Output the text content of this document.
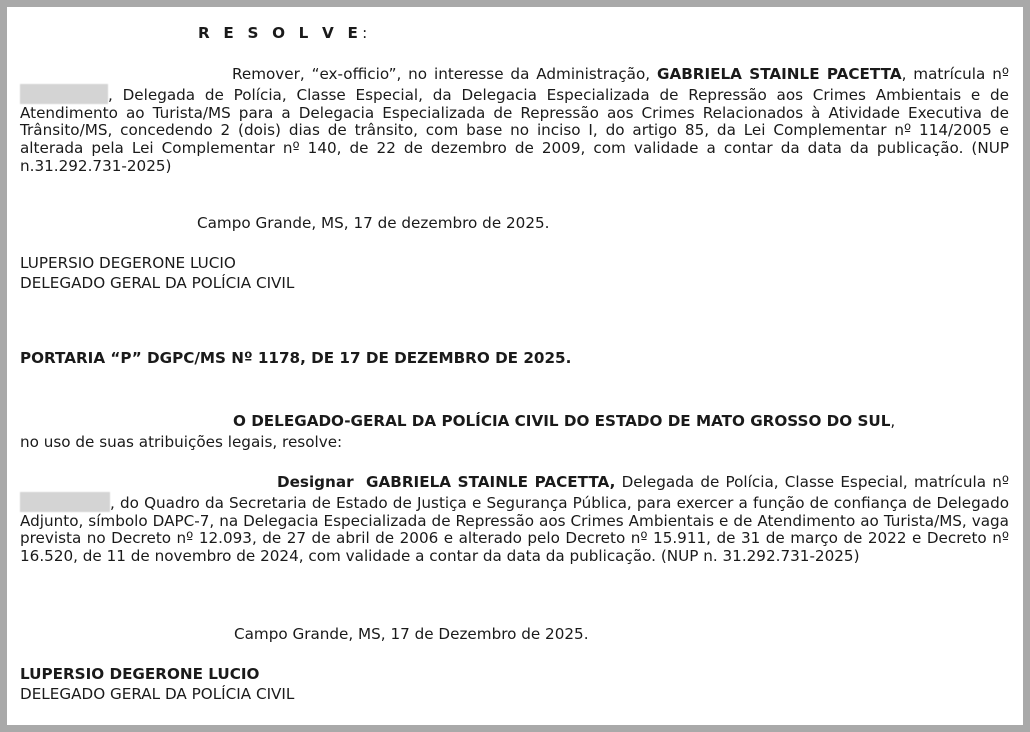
R E S O L V E:
Remover, “ex-officio”, no interesse da Administração, GABRIELA STAINLE PACETTA, matrícula nº , Delegada de Polícia, Classe Especial, da Delegacia Especializada de Repressão aos Crimes Ambientais e de Atendimento ao Turista/MS para a Delegacia Especializada de Repressão aos Crimes Relacionados à Atividade Executiva de Trânsito/MS, concedendo 2 (dois) dias de trânsito, com base no inciso I, do artigo 85, da Lei Complementar nº 114/2005 e alterada pela Lei Complementar nº 140, de 22 de dezembro de 2009, com validade a contar da data da publicação. (NUP n.31.292.731-2025)
Campo Grande, MS, 17 de dezembro de 2025.
LUPERSIO DEGERONE LUCIO
DELEGADO GERAL DA POLÍCIA CIVIL
PORTARIA “P” DGPC/MS Nº 1178, DE 17 DE DEZEMBRO DE 2025.
O DELEGADO-GERAL DA POLÍCIA CIVIL DO ESTADO DE MATO GROSSO DO SUL,
no uso de suas atribuições legais, resolve:
Designar GABRIELA STAINLE PACETTA, Delegada de Polícia, Classe Especial, matrícula nº , do Quadro da Secretaria de Estado de Justiça e Segurança Pública, para exercer a função de confiança de Delegado Adjunto, símbolo DAPC-7, na Delegacia Especializada de Repressão aos Crimes Ambientais e de Atendimento ao Turista/MS, vaga prevista no Decreto nº 12.093, de 27 de abril de 2006 e alterado pelo Decreto nº 15.911, de 31 de março de 2022 e Decreto nº 16.520, de 11 de novembro de 2024, com validade a contar da data da publicação. (NUP n. 31.292.731-2025)
Campo Grande, MS, 17 de Dezembro de 2025.
LUPERSIO DEGERONE LUCIO
DELEGADO GERAL DA POLÍCIA CIVIL
